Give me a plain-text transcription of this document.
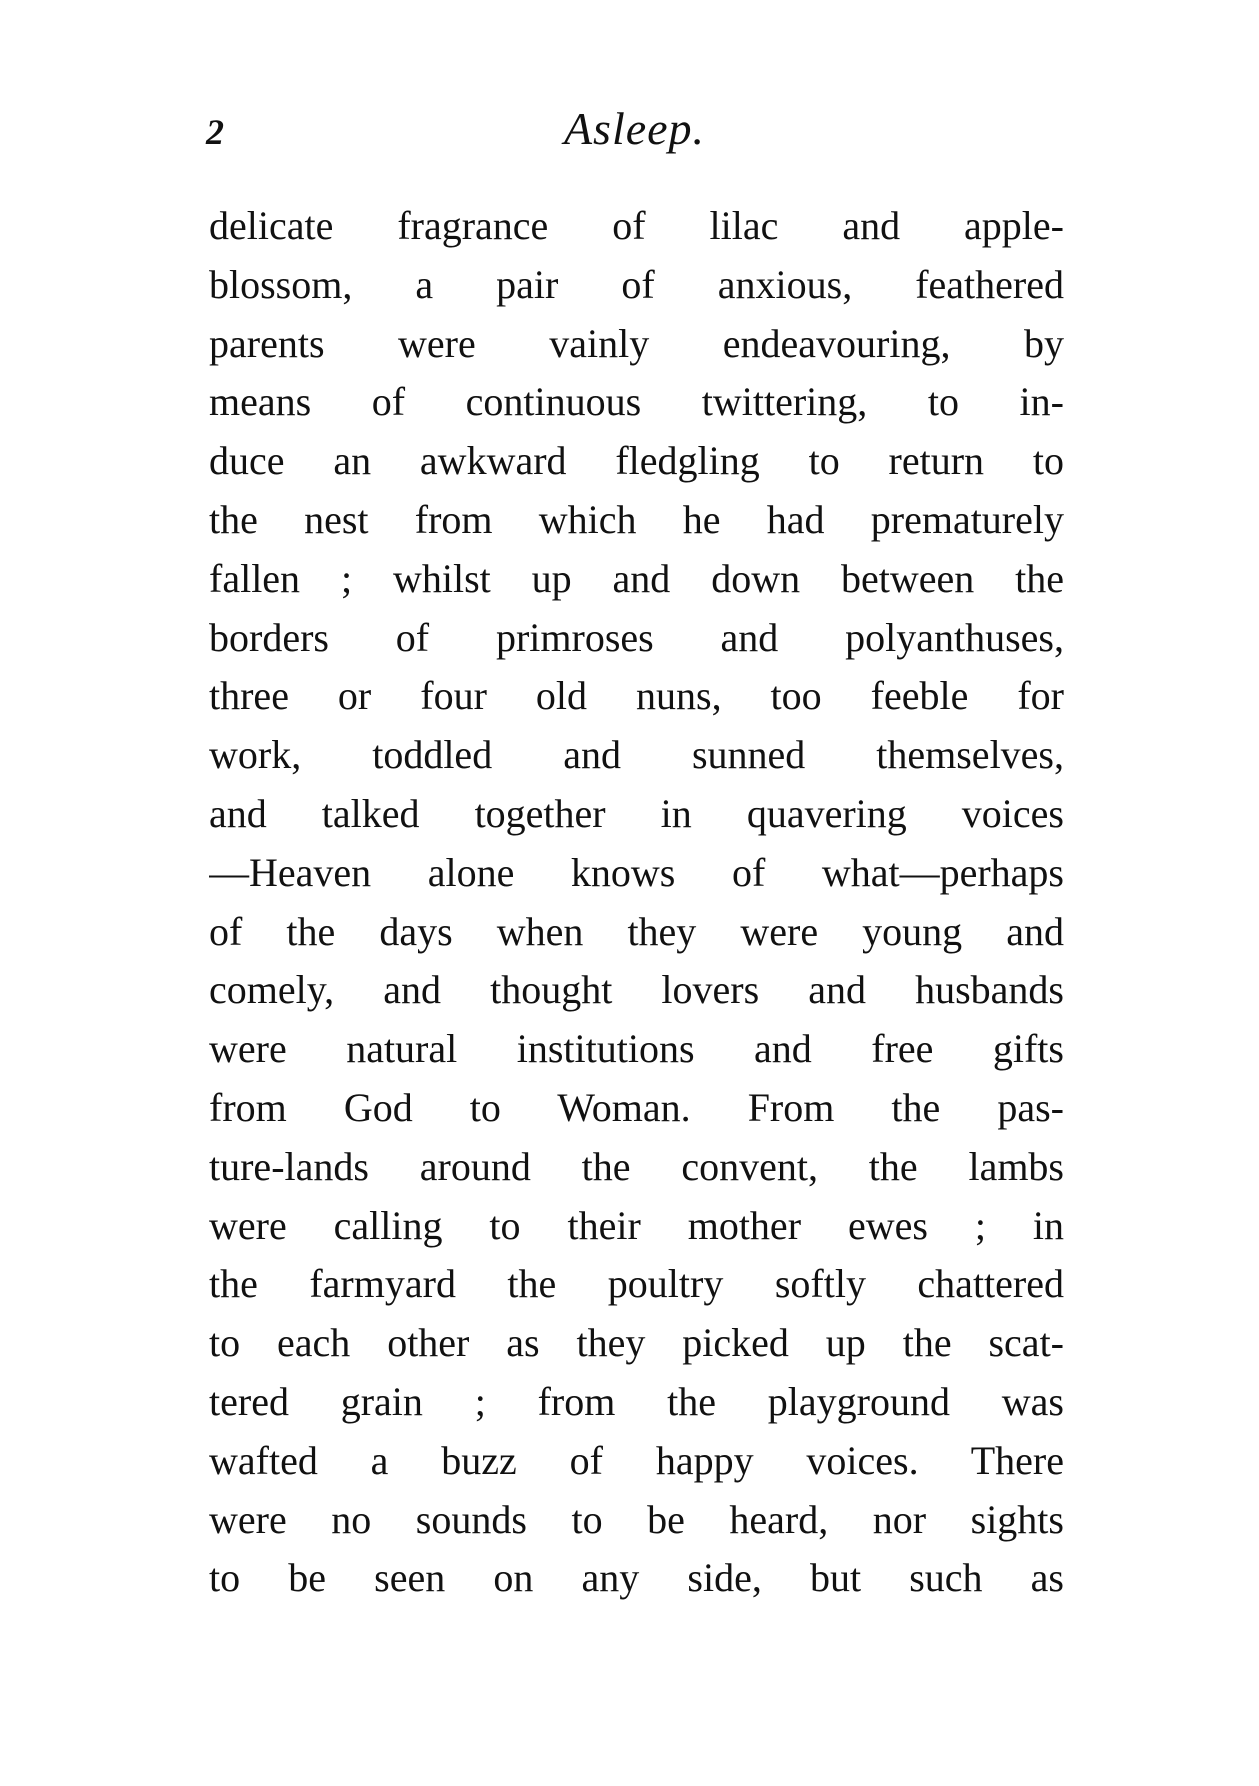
2	Asleep.
delicate fragrance of lilac and apple-
blossom, a pair of anxious, feathered
parents were vainly endeavouring, by
means of continuous twittering, to in-
duce an awkward fledgling to return to
the nest from which he had prematurely
fallen ; whilst up and down between the
borders of primroses and polyanthuses,
three or four old nuns, too feeble for
work, toddled and sunned themselves,
and talked together in quavering voices
—Heaven alone knows of what—perhaps
of the days when they were young and
comely, and thought lovers and husbands
were natural institutions and free gifts
from God to Woman. From the pas-
ture-lands around the convent, the lambs
were calling to their mother ewes ; in
the farmyard the poultry softly chattered
to each other as they picked up the scat-
tered grain ; from the playground was
wafted a buzz of happy voices. There
were no sounds to be heard, nor sights
to be seen on any side, but such as
